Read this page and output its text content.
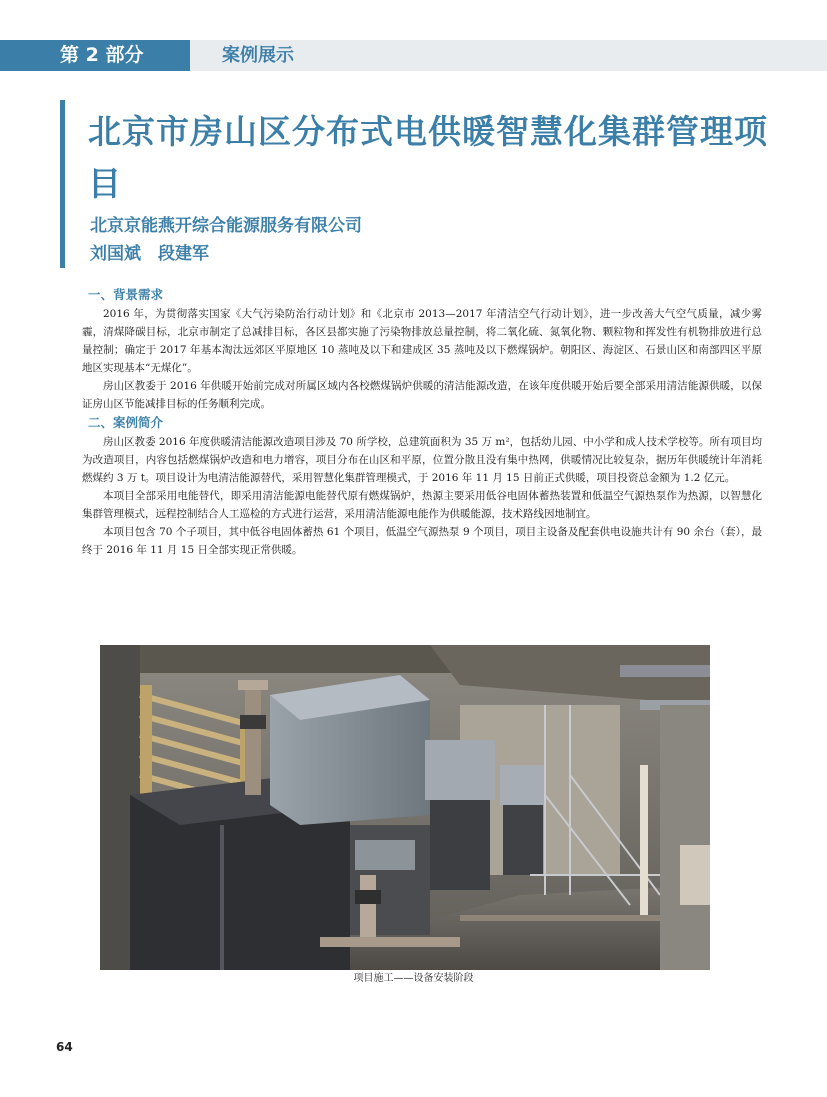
第 2 部分	案例展示
北京市房山区分布式电供暖智慧化集群管理项目
北京京能燕开综合能源服务有限公司
刘国斌　段建军
一、背景需求

2016 年，为贯彻落实国家《大气污染防治行动计划》和《北京市 2013—2017 年清洁空气行动计划》，进一步改善大气空气质量，减少雾霾，清煤降碳目标，北京市制定了总减排目标，各区县都实施了污染物排放总量控制，将二氧化硫、氮氧化物、颗粒物和挥发性有机物排放进行总量控制；确定于 2017 年基本淘汰远郊区平原地区 10 蒸吨及以下和建成区 35 蒸吨及以下燃煤锅炉。朝阳区、海淀区、石景山区和南部四区平原地区实现基本“无煤化”。

房山区教委于 2016 年供暖开始前完成对所属区域内各校燃煤锅炉供暖的清洁能源改造，在该年度供暖开始后要全部采用清洁能源供暖，以保证房山区节能减排目标的任务顺利完成。

二、案例简介

房山区教委 2016 年度供暖清洁能源改造项目涉及 70 所学校，总建筑面积为 35 万 m²，包括幼儿园、中小学和成人技术学校等。所有项目均为改造项目，内容包括燃煤锅炉改造和电力增容，项目分布在山区和平原，位置分散且没有集中热网，供暖情况比较复杂，据历年供暖统计年消耗燃煤约 3 万 t。项目设计为电清洁能源替代，采用智慧化集群管理模式，于 2016 年 11 月 15 日前正式供暖，项目投资总金额为 1.2 亿元。

本项目全部采用电能替代，即采用清洁能源电能替代原有燃煤锅炉，热源主要采用低谷电固体蓄热装置和低温空气源热泵作为热源，以智慧化集群管理模式，远程控制结合人工巡检的方式进行运营，采用清洁能源电能作为供暖能源，技术路线因地制宜。

本项目包含 70 个子项目，其中低谷电固体蓄热 61 个项目，低温空气源热泵 9 个项目，项目主设备及配套供电设施共计有 90 余台（套），最终于 2016 年 11 月 15 日全部实现正常供暖。

项目施工——设备安装阶段
64
